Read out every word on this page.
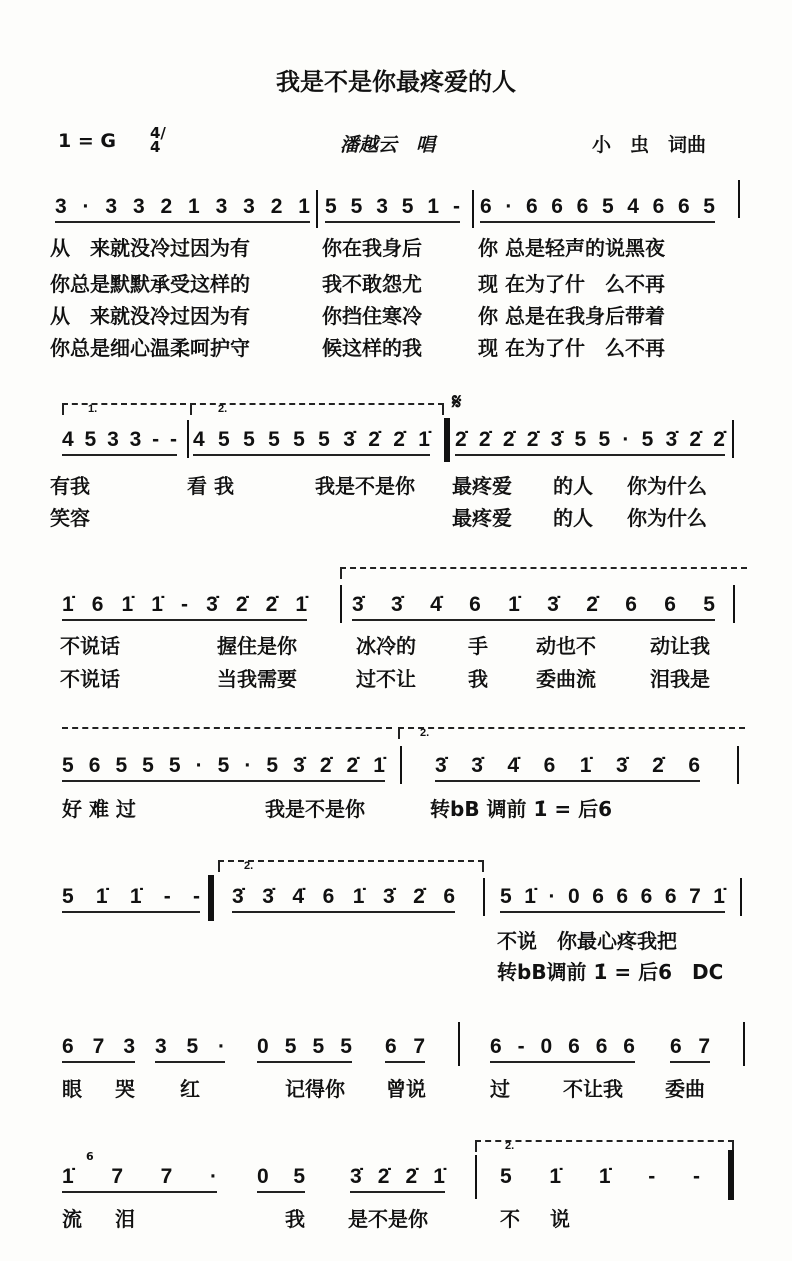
我是不是你最疼爱的人
1 = G 4/4	潘越云　唱	小　虫　词曲
3 · 3 3 2 1 3 3 2 1 5 5 3 5 1 - 6 · 6 6 6 5 4 6 6 5
从　来就没冷过因为有	你在我身后	你 总是轻声的说黑夜
你总是默默承受这样的	我不敢怨尤	现 在为了什　么不再
从　来就没冷过因为有	你挡住寒冷	你 总是在我身后带着
你总是细心温柔呵护守	候这样的我	现 在为了什　么不再
1.	2.	𝄋
4 5 3 3 - - 4 5 5 5 5 5 3̇ 2̇ 2̇ 1̇ 2̇ 2̇ 2̇ 2̇ 3̇ 5 5 · 5 3̇ 2̇ 2̇
有我	看 我	我是不是你 最疼爱 的人 你为什么
笑容	最疼爱 的人 你为什么
1̇ 6 1̇ 1̇ - 3̇ 2̇ 2̇ 1̇ 3̇ 3̇ 4̇ 6 1̇ 3̇ 2̇ 6 6 5
不说话	握住是你	冰冷的	手 动也不	动让我
不说话	当我需要	过不让	我 委曲流	泪我是
2.
5 6 5 5 5 · 5 · 5 3̇ 2̇ 2̇ 1̇ 3̇ 3̇ 4̇ 6 1̇ 3̇ 2̇ 6
好 难 过	我是不是你	转bB 调前 1̇ = 后6
2.
5 1̇ 1̇ - - 3̇ 3̇ 4̇ 6 1̇ 3̇ 2̇ 6 5 1̇ · 0 6 6 6 6 7 1̇
不说　你最心疼我把
转bB调前 1̇ = 后6　DC
6 7 3 3 5 · 0 5 5 5 6 7	6 - 0 6 6 6 6 7
眼 哭 红	记得你 曾说	过	不让我 委曲
2.
6
1̇ 7 7 · 0 5 3̇ 2̇ 2̇ 1̇	5 1̇ 1̇ - -
流 泪	我 是不是你	不 说
